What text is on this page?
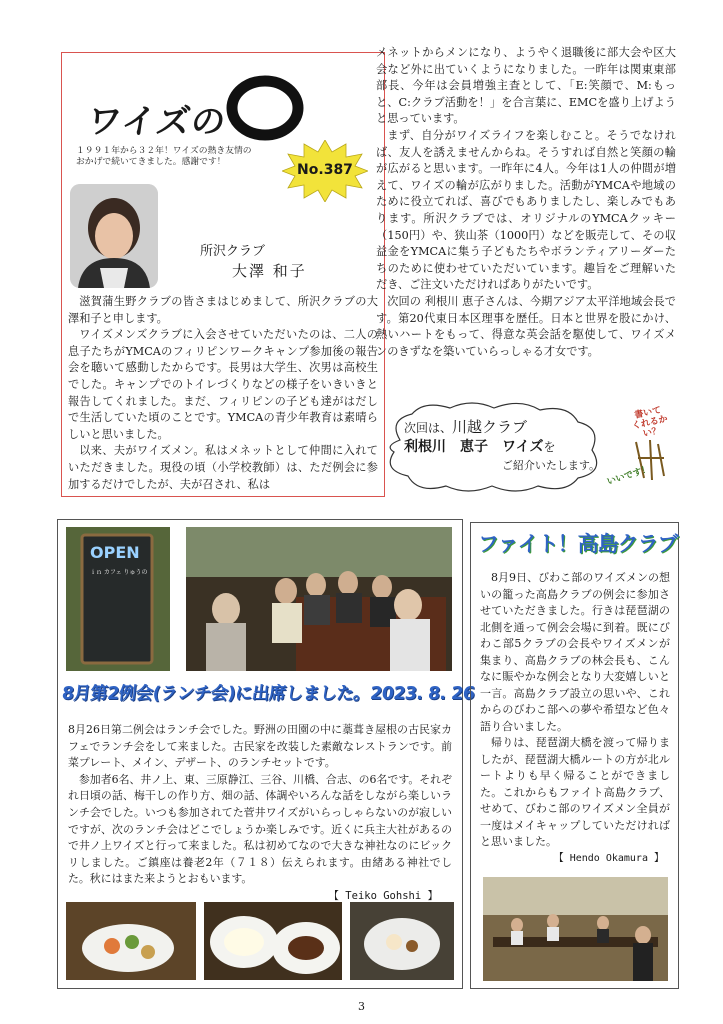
ワイズの
１９９１年から３２年！ワイズの熱き友情の
おかげで続いてきました。感謝です！	No.387
所沢クラブ
大澤 和子

滋賀蒲生野クラブの皆さまはじめまして、所沢クラブの大澤和子と申します。

ワイズメンズクラブに入会させていただいたのは、二人の息子たちがYMCAのフィリピンワークキャンプ参加後の報告会を聴いて感動したからです。長男は大学生、次男は高校生でした。キャンプでのトイレづくりなどの様子をいきいきと報告してくれました。まだ、フィリピンの子ども達がはだしで生活していた頃のことです。YMCAの青少年教育は素晴らしいと思いました。

以来、夫がワイズメン。私はメネットとして仲間に入れていただきました。現役の頃（小学校教師）は、ただ例会に参加するだけでしたが、夫が召され、私は

メネットからメンになり、ようやく退職後に部大会や区大会など外に出ていくようになりました。一昨年は関東東部部長、今年は会員増強主査として、「E:笑顔で、M:もっと、C:クラブ活動を！」を合言葉に、EMCを盛り上げようと思っています。

まず、自分がワイズライフを楽しむこと。そうでなければ、友人を誘えませんからね。そうすれば自然と笑顔の輪が広がると思います。一昨年に4人。今年は1人の仲間が増えて、ワイズの輪が広がりました。活動がYMCAや地域のために役立てれば、喜びでもありましたし、楽しみでもあります。所沢クラブでは、オリジナルのYMCAクッキー（150円）や、狭山茶（1000円）などを販売して、その収益金をYMCAに集う子どもたちやボランティアリーダーたちのために使わせていただいています。趣旨をご理解いただき、ご注文いただければありがたいです。

次回の 利根川 恵子さんは、今期アジア太平洋地域会長です。第20代東日本区理事を歴任。日本と世界を股にかけ、熱いハートをもって、得意な英会話を駆使して、ワイズメンのきずなを築いていらっしゃる才女です。

次回は、川越クラブ
利根川　恵子　ワイズを
ご紹介いたします。
書いて
くれるかい？
いいです！
OPEN
ｉｎ カフェ りゅうの
8月第2例会(ランチ会)に出席しました。2023. 8. 26

8月26日第二例会はランチ会でした。野洲の田園の中に藁葺き屋根の古民家カフェでランチ会をして来ました。古民家を改装した素敵なレストランです。前菜プレート、メイン、デザート、のランチセットです。

参加者6名、井ノ上、東、三原静江、三谷、川橋、合志、の6名です。それぞれ日頃の話、梅干しの作り方、畑の話、体調やいろんな話をしながら楽しいランチ会でした。いつも参加されてた菅井ワイズがいらっしゃらないのが寂しいですが、次のランチ会はどこでしょうか楽しみです。近くに兵主大社があるので井ノ上ワイズと行って来ました。私は初めてなので大きな神社なのにビックリしました。ご鎮座は養老2年（７１８）伝えられます。由緒ある神社でした。秋にはまた来ようとおもいます。

【 Teiko Gohshi 】

ファイト！高島クラブ

8月9日、びわこ部のワイズメンの想いの籠った高島クラブの例会に参加させていただきました。行きは琵琶湖の北側を通って例会会場に到着。既にびわこ部5クラブの会長やワイズメンが集まり、高島クラブの林会長も、こんなに賑やかな例会となり大変嬉しいと一言。高島クラブ設立の思いや、これからのびわこ部への夢や希望など色々語り合いました。

帰りは、琵琶湖大橋を渡って帰りましたが、琵琶湖大橋ルートの方が北ルートよりも早く帰ることができました。これからもファイト高島クラブ、せめて、びわこ部のワイズメン全員が一度はメイキャップしていただければと思いました。

【 Hendo Okamura 】

3
